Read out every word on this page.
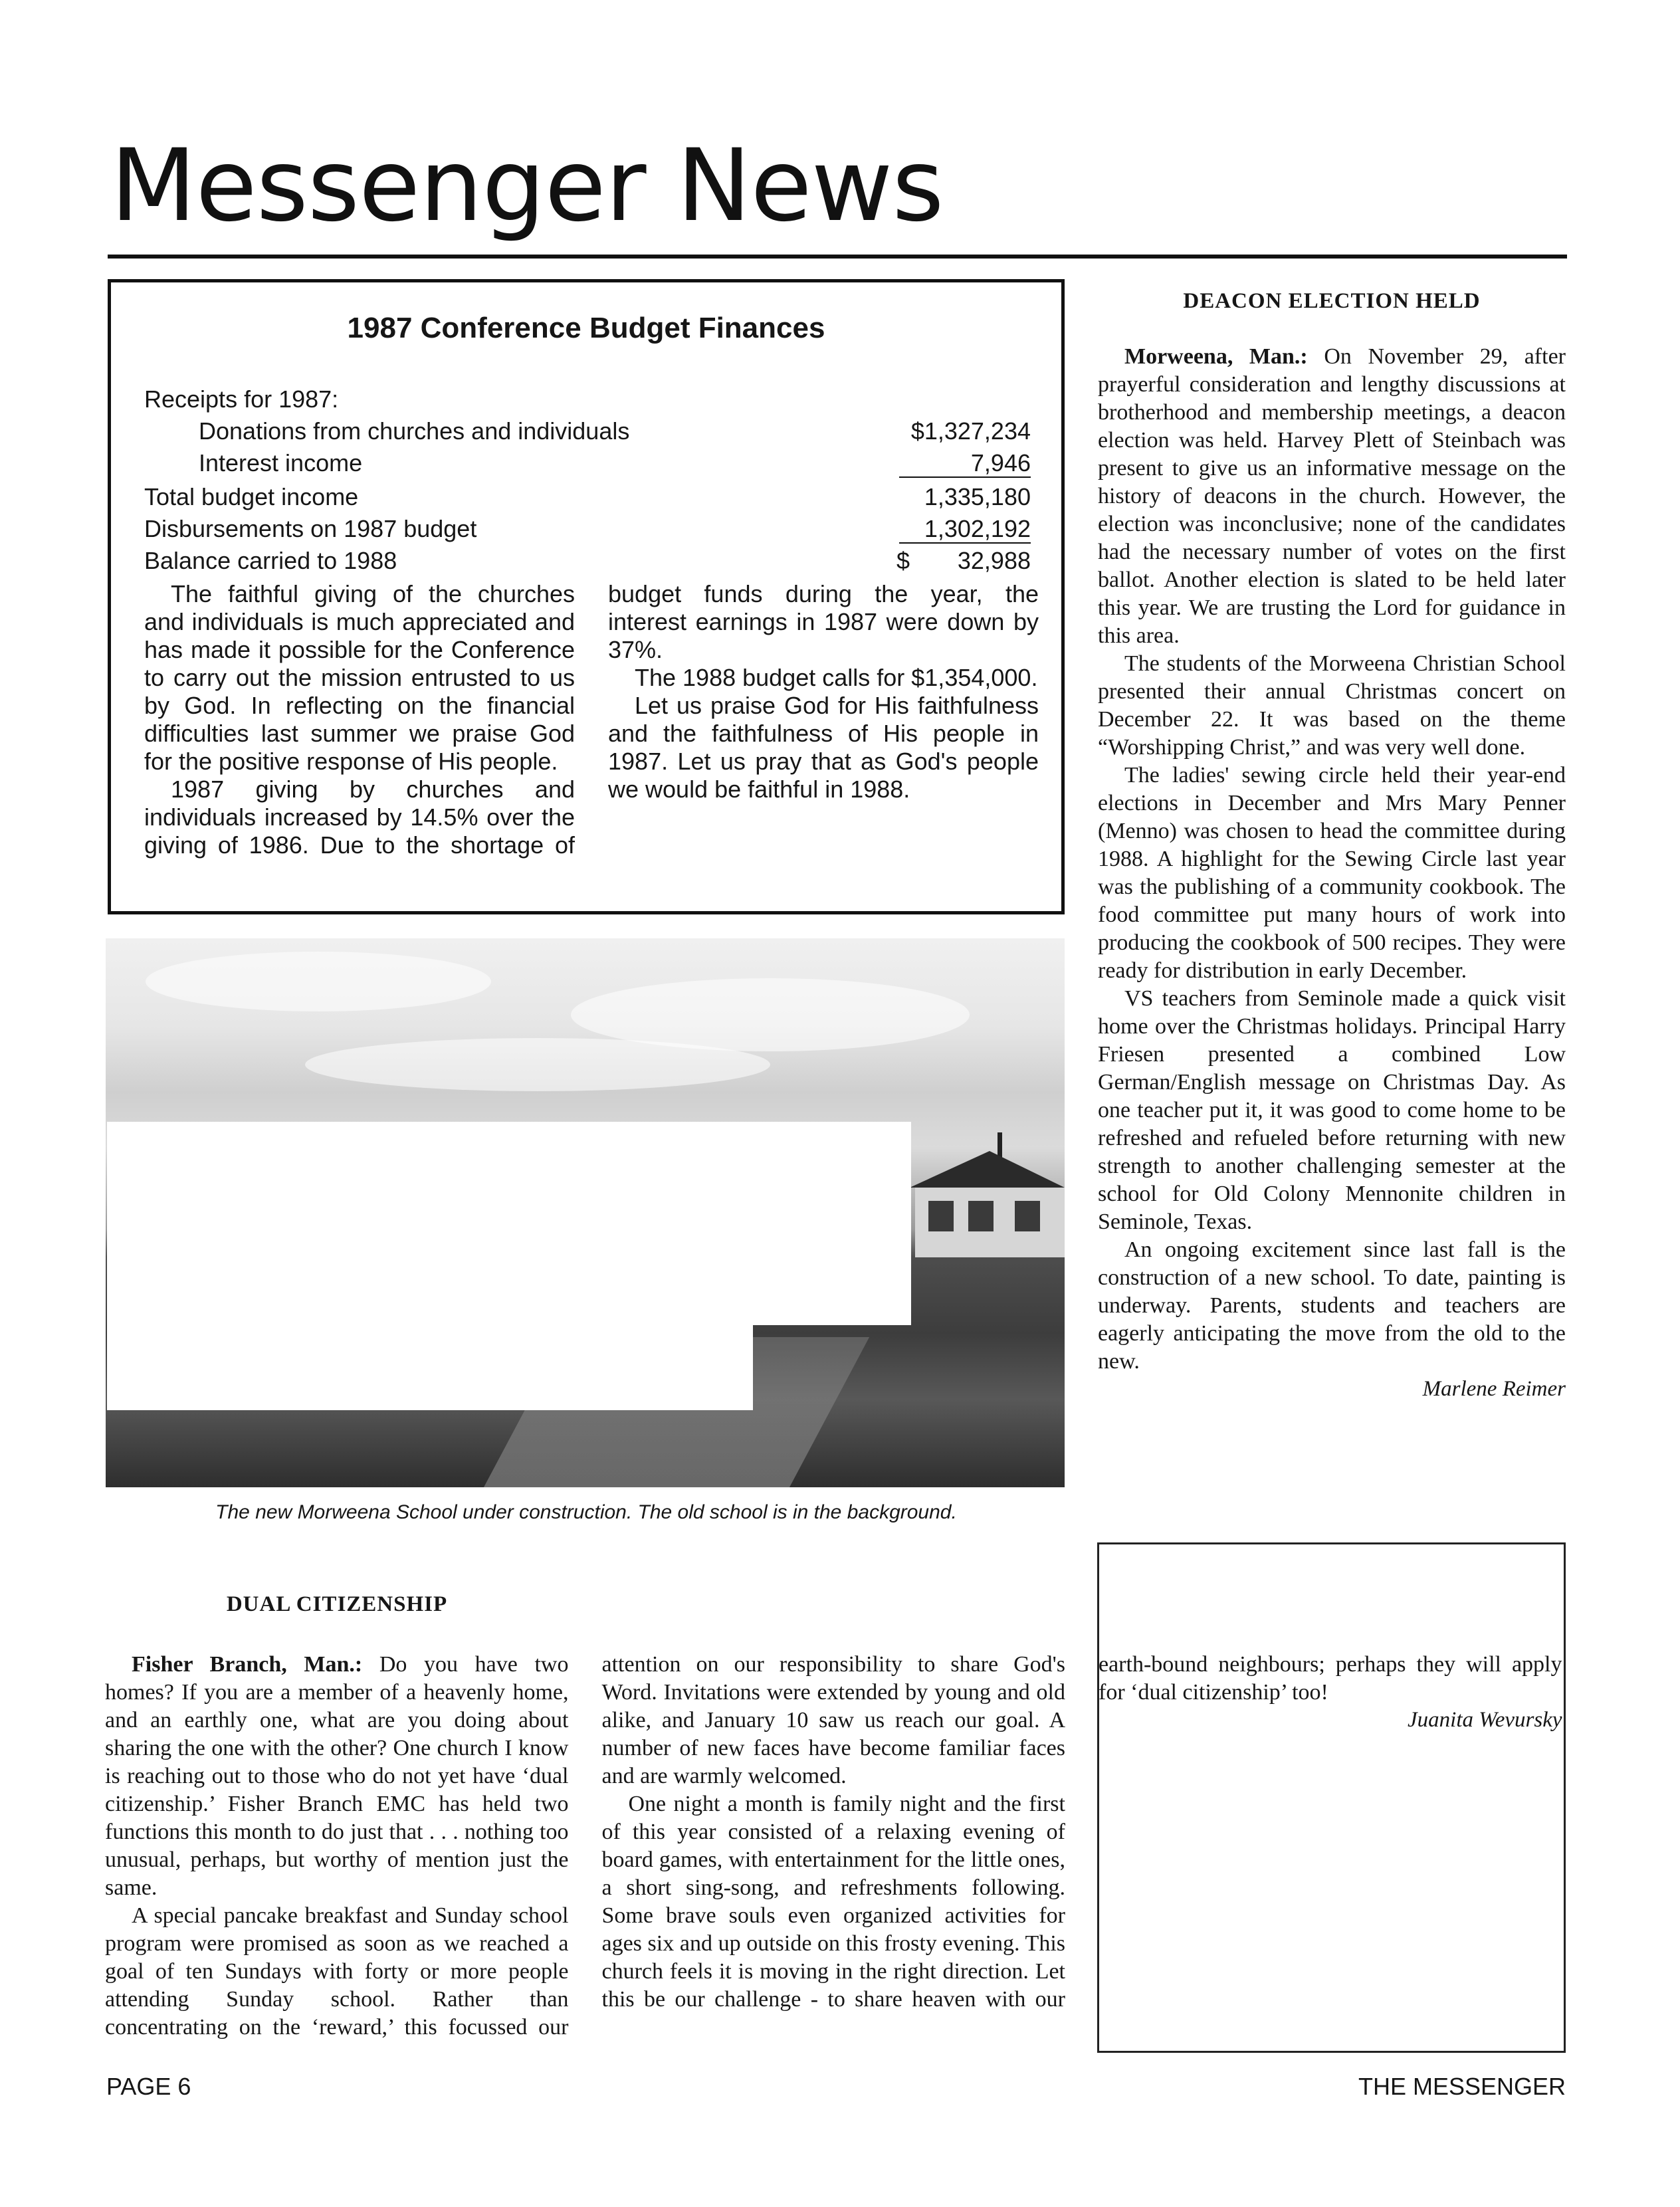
Messenger News
1987 Conference Budget Finances
Receipts for 1987:
Donations from churches and individuals	$1,327,234
Interest income	7,946
Total budget income	1,335,180
Disbursements on 1987 budget	1,302,192
Balance carried to 1988	$ 32,988

The faithful giving of the churches and individuals is much appreciated and has made it possible for the Conference to carry out the mission entrusted to us by God. In reflecting on the financial difficulties last summer we praise God for the positive response of His people.

1987 giving by churches and individuals increased by 14.5% over the giving of 1986. Due to the shortage of budget funds during the year, the interest earnings in 1987 were down by 37%.

The 1988 budget calls for $1,354,000.

Let us praise God for His faithfulness and the faithfulness of His people in 1987. Let us pray that as God's people we would be faithful in 1988.

The new Morweena School under construction. The old school is in the background.
DEACON ELECTION HELD

Morweena, Man.: On November 29, after prayerful consideration and lengthy discussions at brotherhood and membership meetings, a deacon election was held. Harvey Plett of Steinbach was present to give us an informative message on the history of deacons in the church. However, the election was inconclusive; none of the candidates had the necessary number of votes on the first ballot. Another election is slated to be held later this year. We are trusting the Lord for guidance in this area.

The students of the Morweena Christian School presented their annual Christmas concert on December 22. It was based on the theme “Worshipping Christ,” and was very well done.

The ladies' sewing circle held their year-end elections in December and Mrs Mary Penner (Menno) was chosen to head the committee during 1988. A highlight for the Sewing Circle last year was the publishing of a community cookbook. The food committee put many hours of work into producing the cookbook of 500 recipes. They were ready for distribution in early December.

VS teachers from Seminole made a quick visit home over the Christmas holidays. Principal Harry Friesen presented a combined Low German/English message on Christmas Day. As one teacher put it, it was good to come home to be refreshed and refueled before returning with new strength to another challenging semester at the school for Old Colony Mennonite children in Seminole, Texas.

An ongoing excitement since last fall is the construction of a new school. To date, painting is underway. Parents, students and teachers are eagerly anticipating the move from the old to the new.

Marlene Reimer

DUAL CITIZENSHIP

Fisher Branch, Man.: Do you have two homes? If you are a member of a heavenly home, and an earthly one, what are you doing about sharing the one with the other? One church I know is reaching out to those who do not yet have ‘dual citizenship.’ Fisher Branch EMC has held two functions this month to do just that . . . nothing too unusual, perhaps, but worthy of mention just the same.

A special pancake breakfast and Sunday school program were promised as soon as we reached a goal of ten Sundays with forty or more people attending Sunday school. Rather than concentrating on the ‘reward,’ this focussed our attention on our responsibility to share God's Word. Invitations were extended by young and old alike, and January 10 saw us reach our goal. A number of new faces have become familiar faces and are warmly welcomed.

One night a month is family night and the first of this year consisted of a relaxing evening of board games, with entertainment for the little ones, a short sing-song, and refreshments following. Some brave souls even organized activities for ages six and up outside on this frosty evening. This church feels it is moving in the right direction. Let this be our challenge - to share heaven with our earth-bound neighbours; perhaps they will apply for ‘dual citizenship’ too!

Juanita Wevursky

PAGE 6	THE MESSENGER
